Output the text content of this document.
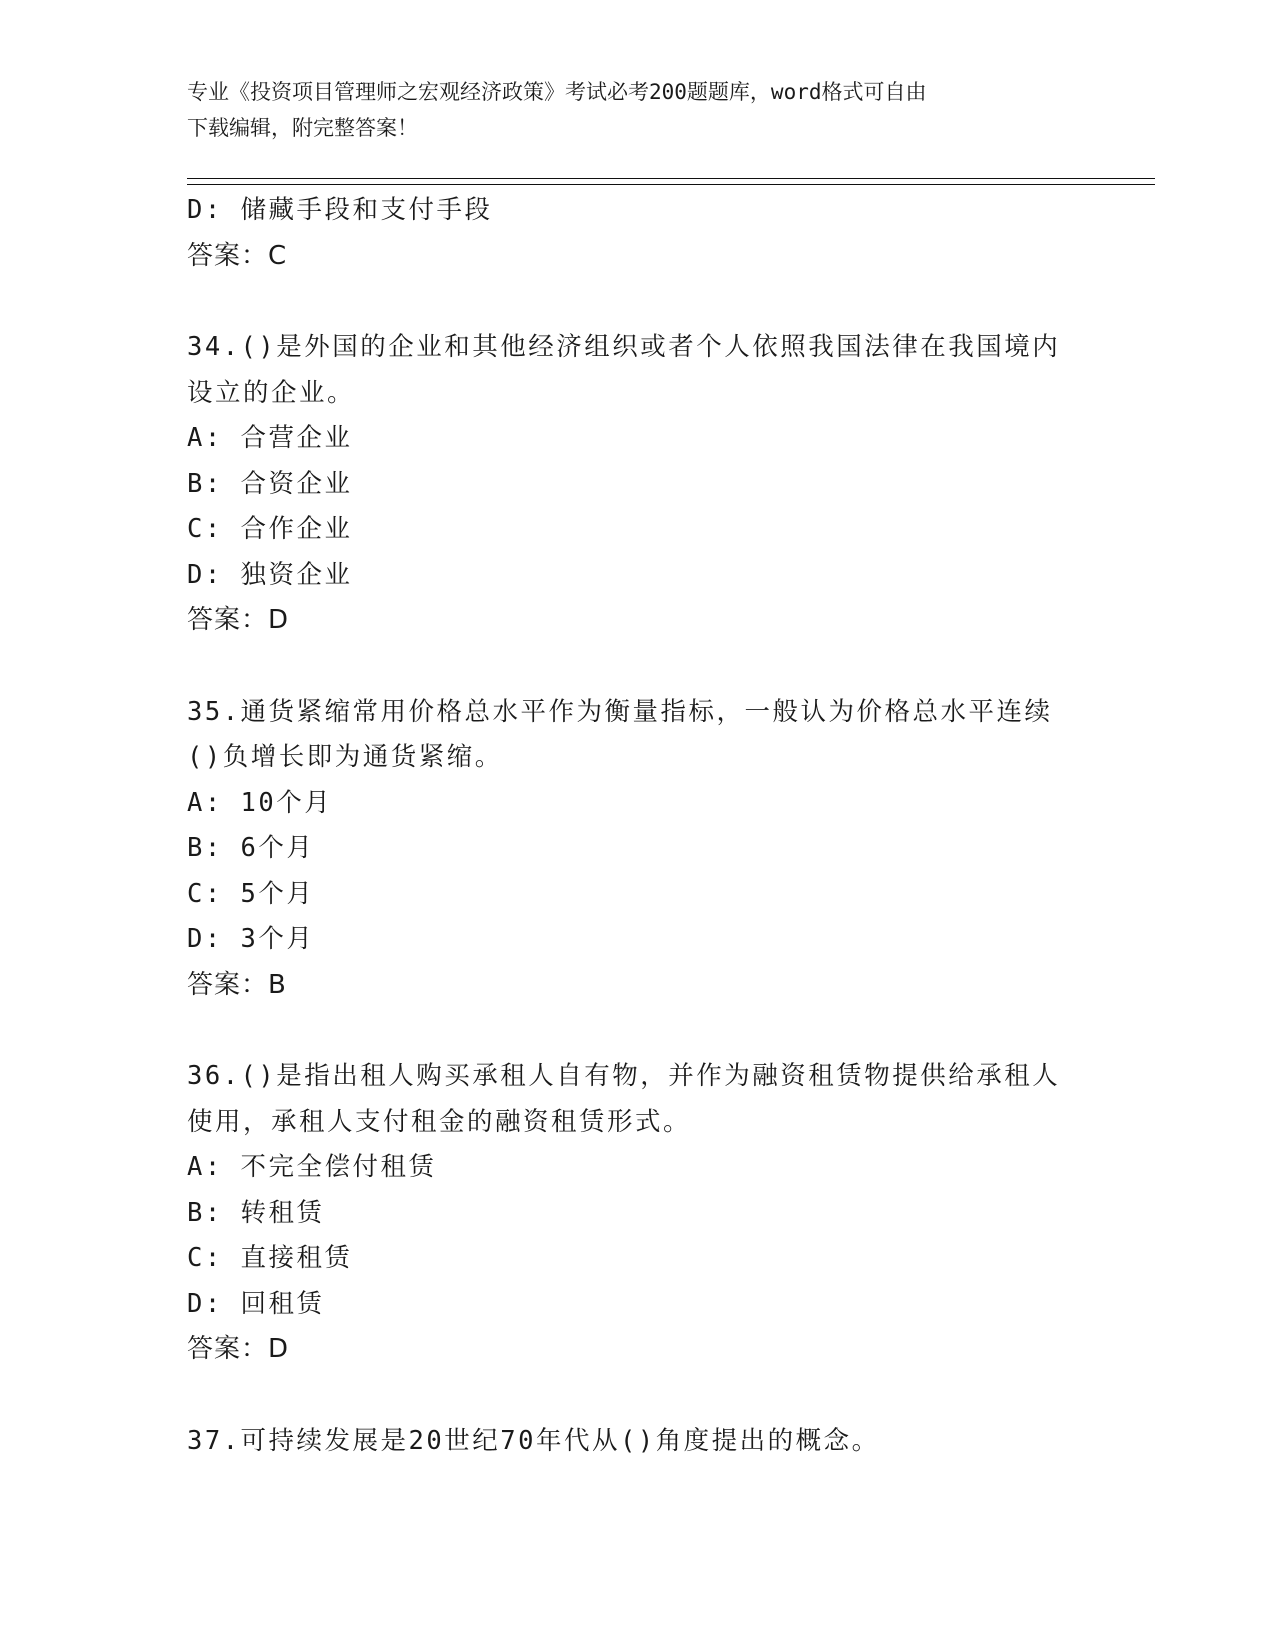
专业《投资项目管理师之宏观经济政策》考试必考200题题库，word格式可自由
下载编辑，附完整答案！
D: 储藏手段和支付手段
答案：C
34.()是外国的企业和其他经济组织或者个人依照我国法律在我国境内
设立的企业。
A: 合营企业
B: 合资企业
C: 合作企业
D: 独资企业
答案：D
35.通货紧缩常用价格总水平作为衡量指标，一般认为价格总水平连续
()负增长即为通货紧缩。
A: 10个月
B: 6个月
C: 5个月
D: 3个月
答案：B
36.()是指出租人购买承租人自有物，并作为融资租赁物提供给承租人
使用，承租人支付租金的融资租赁形式。
A: 不完全偿付租赁
B: 转租赁
C: 直接租赁
D: 回租赁
答案：D
37.可持续发展是20世纪70年代从()角度提出的概念。
